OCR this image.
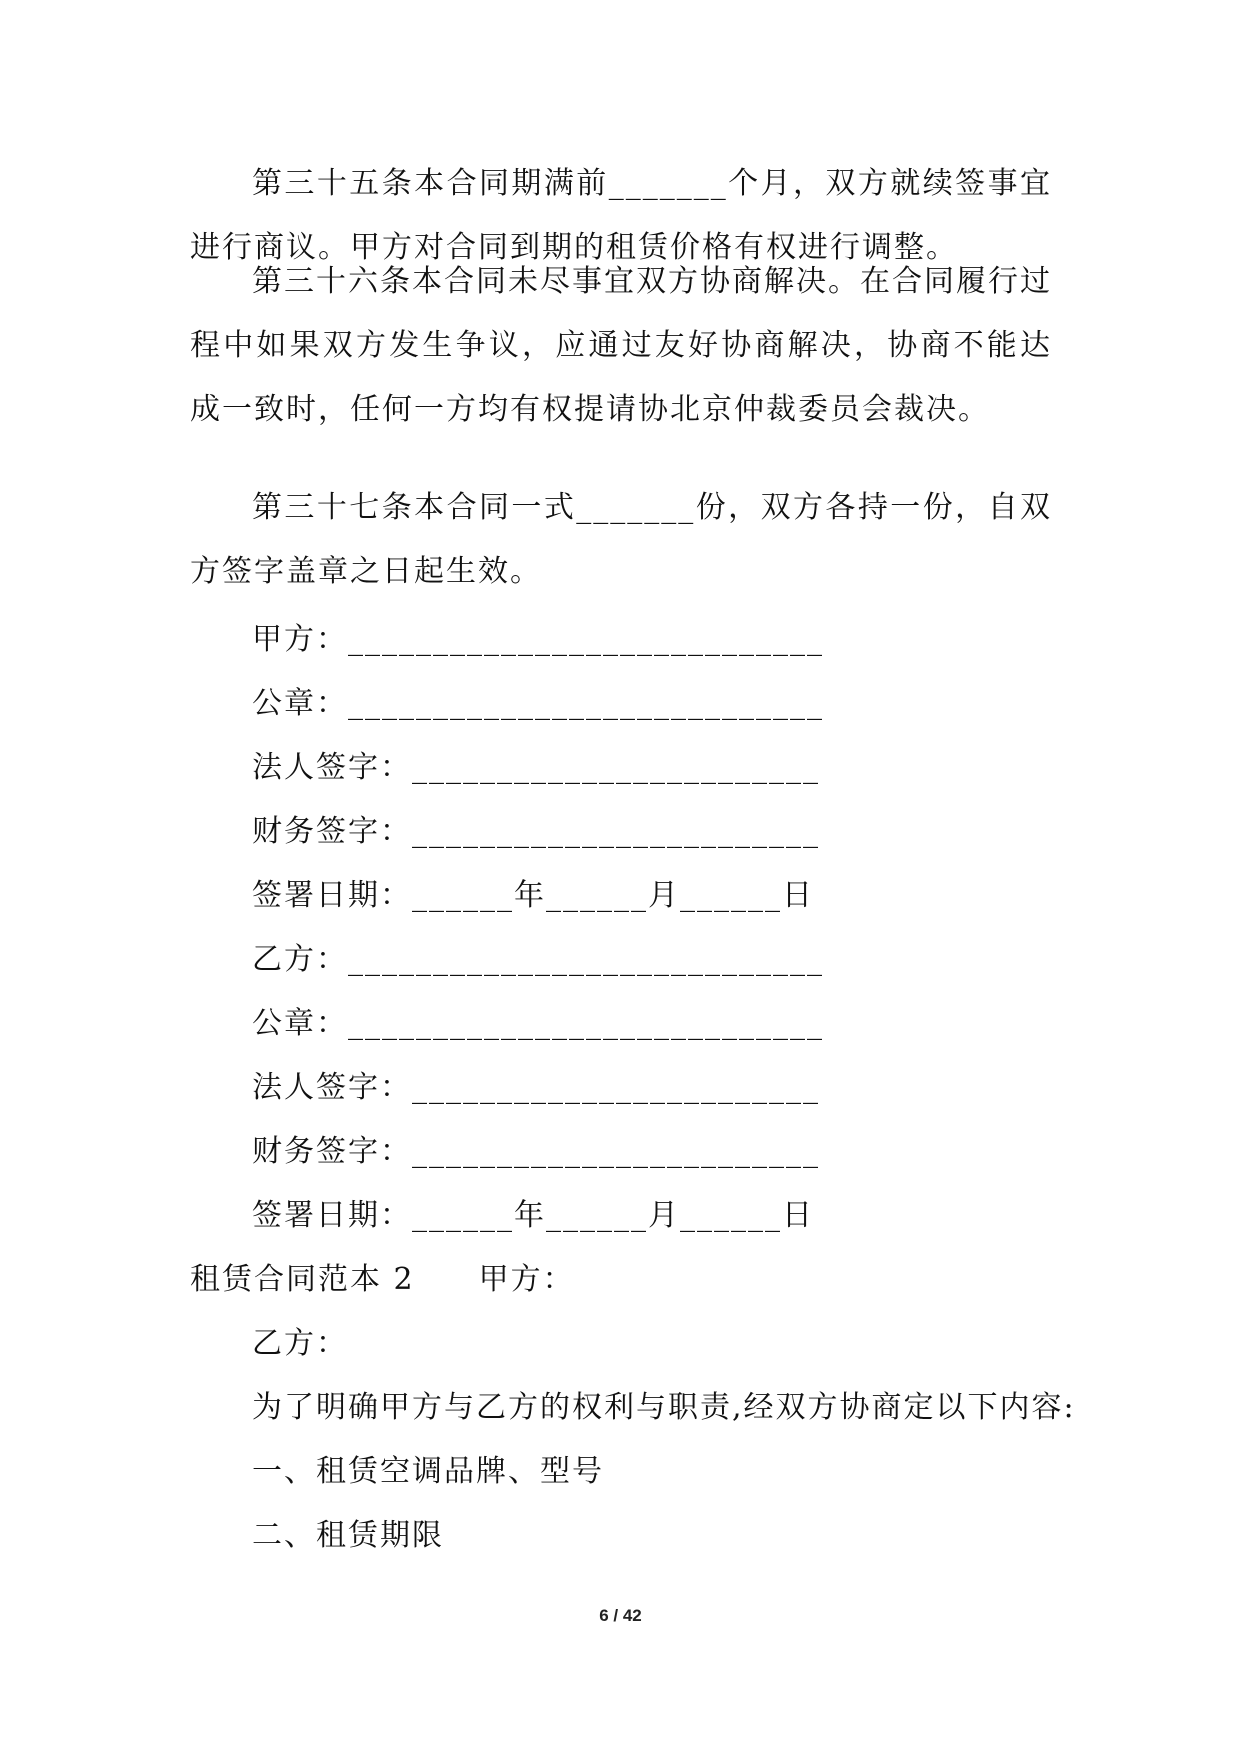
第三十五条本合同期满前_______个月，双方就续签事宜进行商议。甲方对合同到期的租赁价格有权进行调整。
第三十六条本合同未尽事宜双方协商解决。在合同履行过程中如果双方发生争议，应通过友好协商解决，协商不能达成一致时，任何一方均有权提请协北京仲裁委员会裁决。
第三十七条本合同一式_______份，双方各持一份，自双方签字盖章之日起生效。
甲方：____________________________
公章：____________________________
法人签字：________________________
财务签字：________________________
签署日期：______年______月______日
乙方：____________________________
公章：____________________________
法人签字：________________________
财务签字：________________________
签署日期：______年______月______日
租赁合同范本 2　　甲方：
乙方：
为了明确甲方与乙方的权利与职责,经双方协商定以下内容:
一、租赁空调品牌、型号
二、租赁期限
6 / 42
